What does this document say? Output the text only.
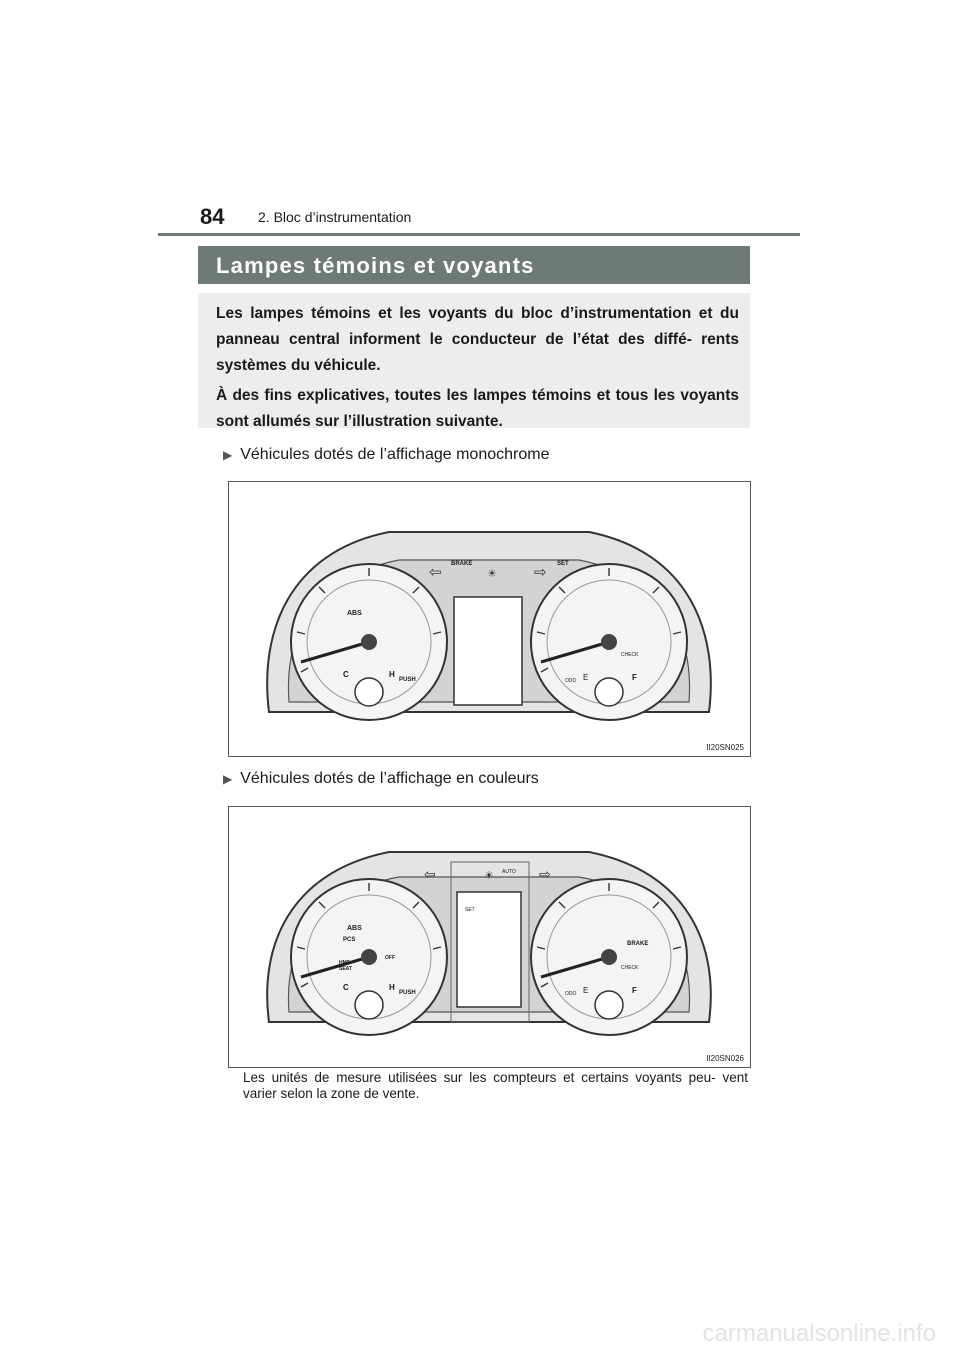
84 2. Bloc d’instrumentation
Lampes témoins et voyants

Les lampes témoins et les voyants du bloc d’instrumentation et du panneau central informent le conducteur de l’état des diffé- rents systèmes du véhicule.

À des fins explicatives, toutes les lampes témoins et tous les voyants sont allumés sur l’illustration suivante.

▶ Véhicules dotés de l’affichage monochrome
⇦	⇨
☀
ABS
BRAKE	SET
PUSH
C	H	E	F
CHECK
ODO
II20SN025
▶ Véhicules dotés de l’affichage en couleurs
⇦	⇨
☀
ABS
PCS
HND SEAT
OFF
AUTO
SET
BRAKE
PUSH
C	H	E	F
CHECK
ODO
II20SN026
Les unités de mesure utilisées sur les compteurs et certains voyants peu- vent varier selon la zone de vente.
carmanualsonline.info
